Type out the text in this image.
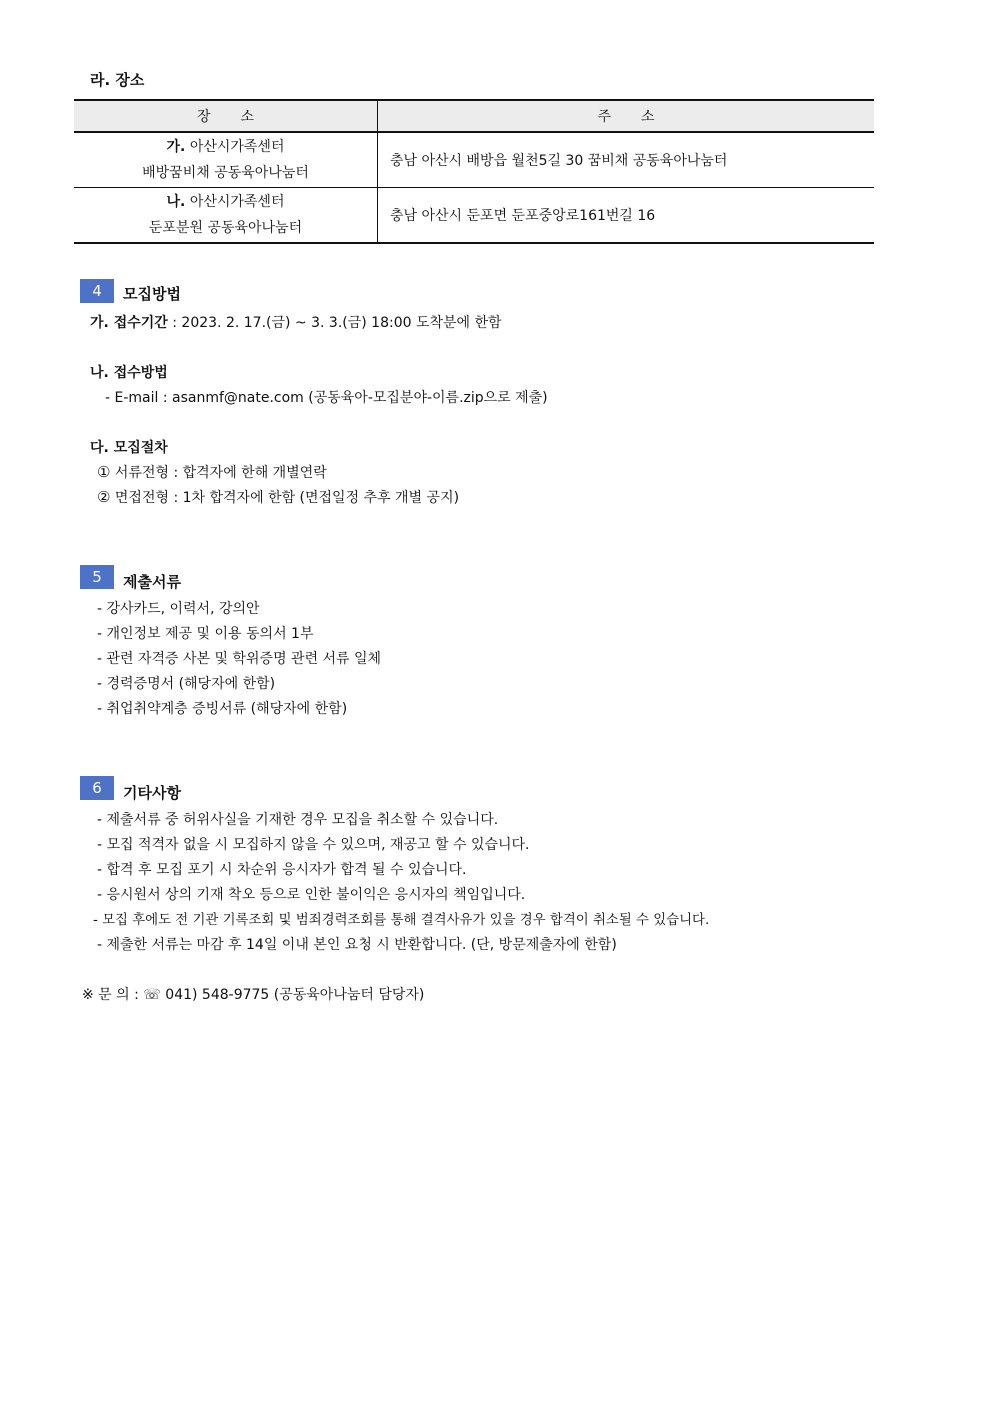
라. 장소
장소	주소
가. 아산시가족센터
배방꿈비채 공동육아나눔터	충남 아산시 배방읍 월천5길 30 꿈비채 공동육아나눔터
나. 아산시가족센터
둔포분원 공동육아나눔터	충남 아산시 둔포면 둔포중앙로161번길 16
4	모집방법
가. 접수기간 : 2023. 2. 17.(금) ~ 3. 3.(금) 18:00 도착분에 한함
나. 접수방법
- E-mail : asanmf@nate.com (공동육아-모집분야-이름.zip으로 제출)
다. 모집절차
① 서류전형 : 합격자에 한해 개별연락
② 면접전형 : 1차 합격자에 한함 (면접일정 추후 개별 공지)
5	제출서류
- 강사카드, 이력서, 강의안
- 개인정보 제공 및 이용 동의서 1부
- 관련 자격증 사본 및 학위증명 관련 서류 일체
- 경력증명서 (해당자에 한함)
- 취업취약계층 증빙서류 (해당자에 한함)
6	기타사항
- 제출서류 중 허위사실을 기재한 경우 모집을 취소할 수 있습니다.
- 모집 적격자 없을 시 모집하지 않을 수 있으며, 재공고 할 수 있습니다.
- 합격 후 모집 포기 시 차순위 응시자가 합격 될 수 있습니다.
- 응시원서 상의 기재 착오 등으로 인한 불이익은 응시자의 책임입니다.
- 모집 후에도 전 기관 기록조회 및 범죄경력조회를 통해 결격사유가 있을 경우 합격이 취소될 수 있습니다.
- 제출한 서류는 마감 후 14일 이내 본인 요청 시 반환합니다. (단, 방문제출자에 한함)
※ 문 의 : ☏ 041) 548-9775 (공동육아나눔터 담당자)
